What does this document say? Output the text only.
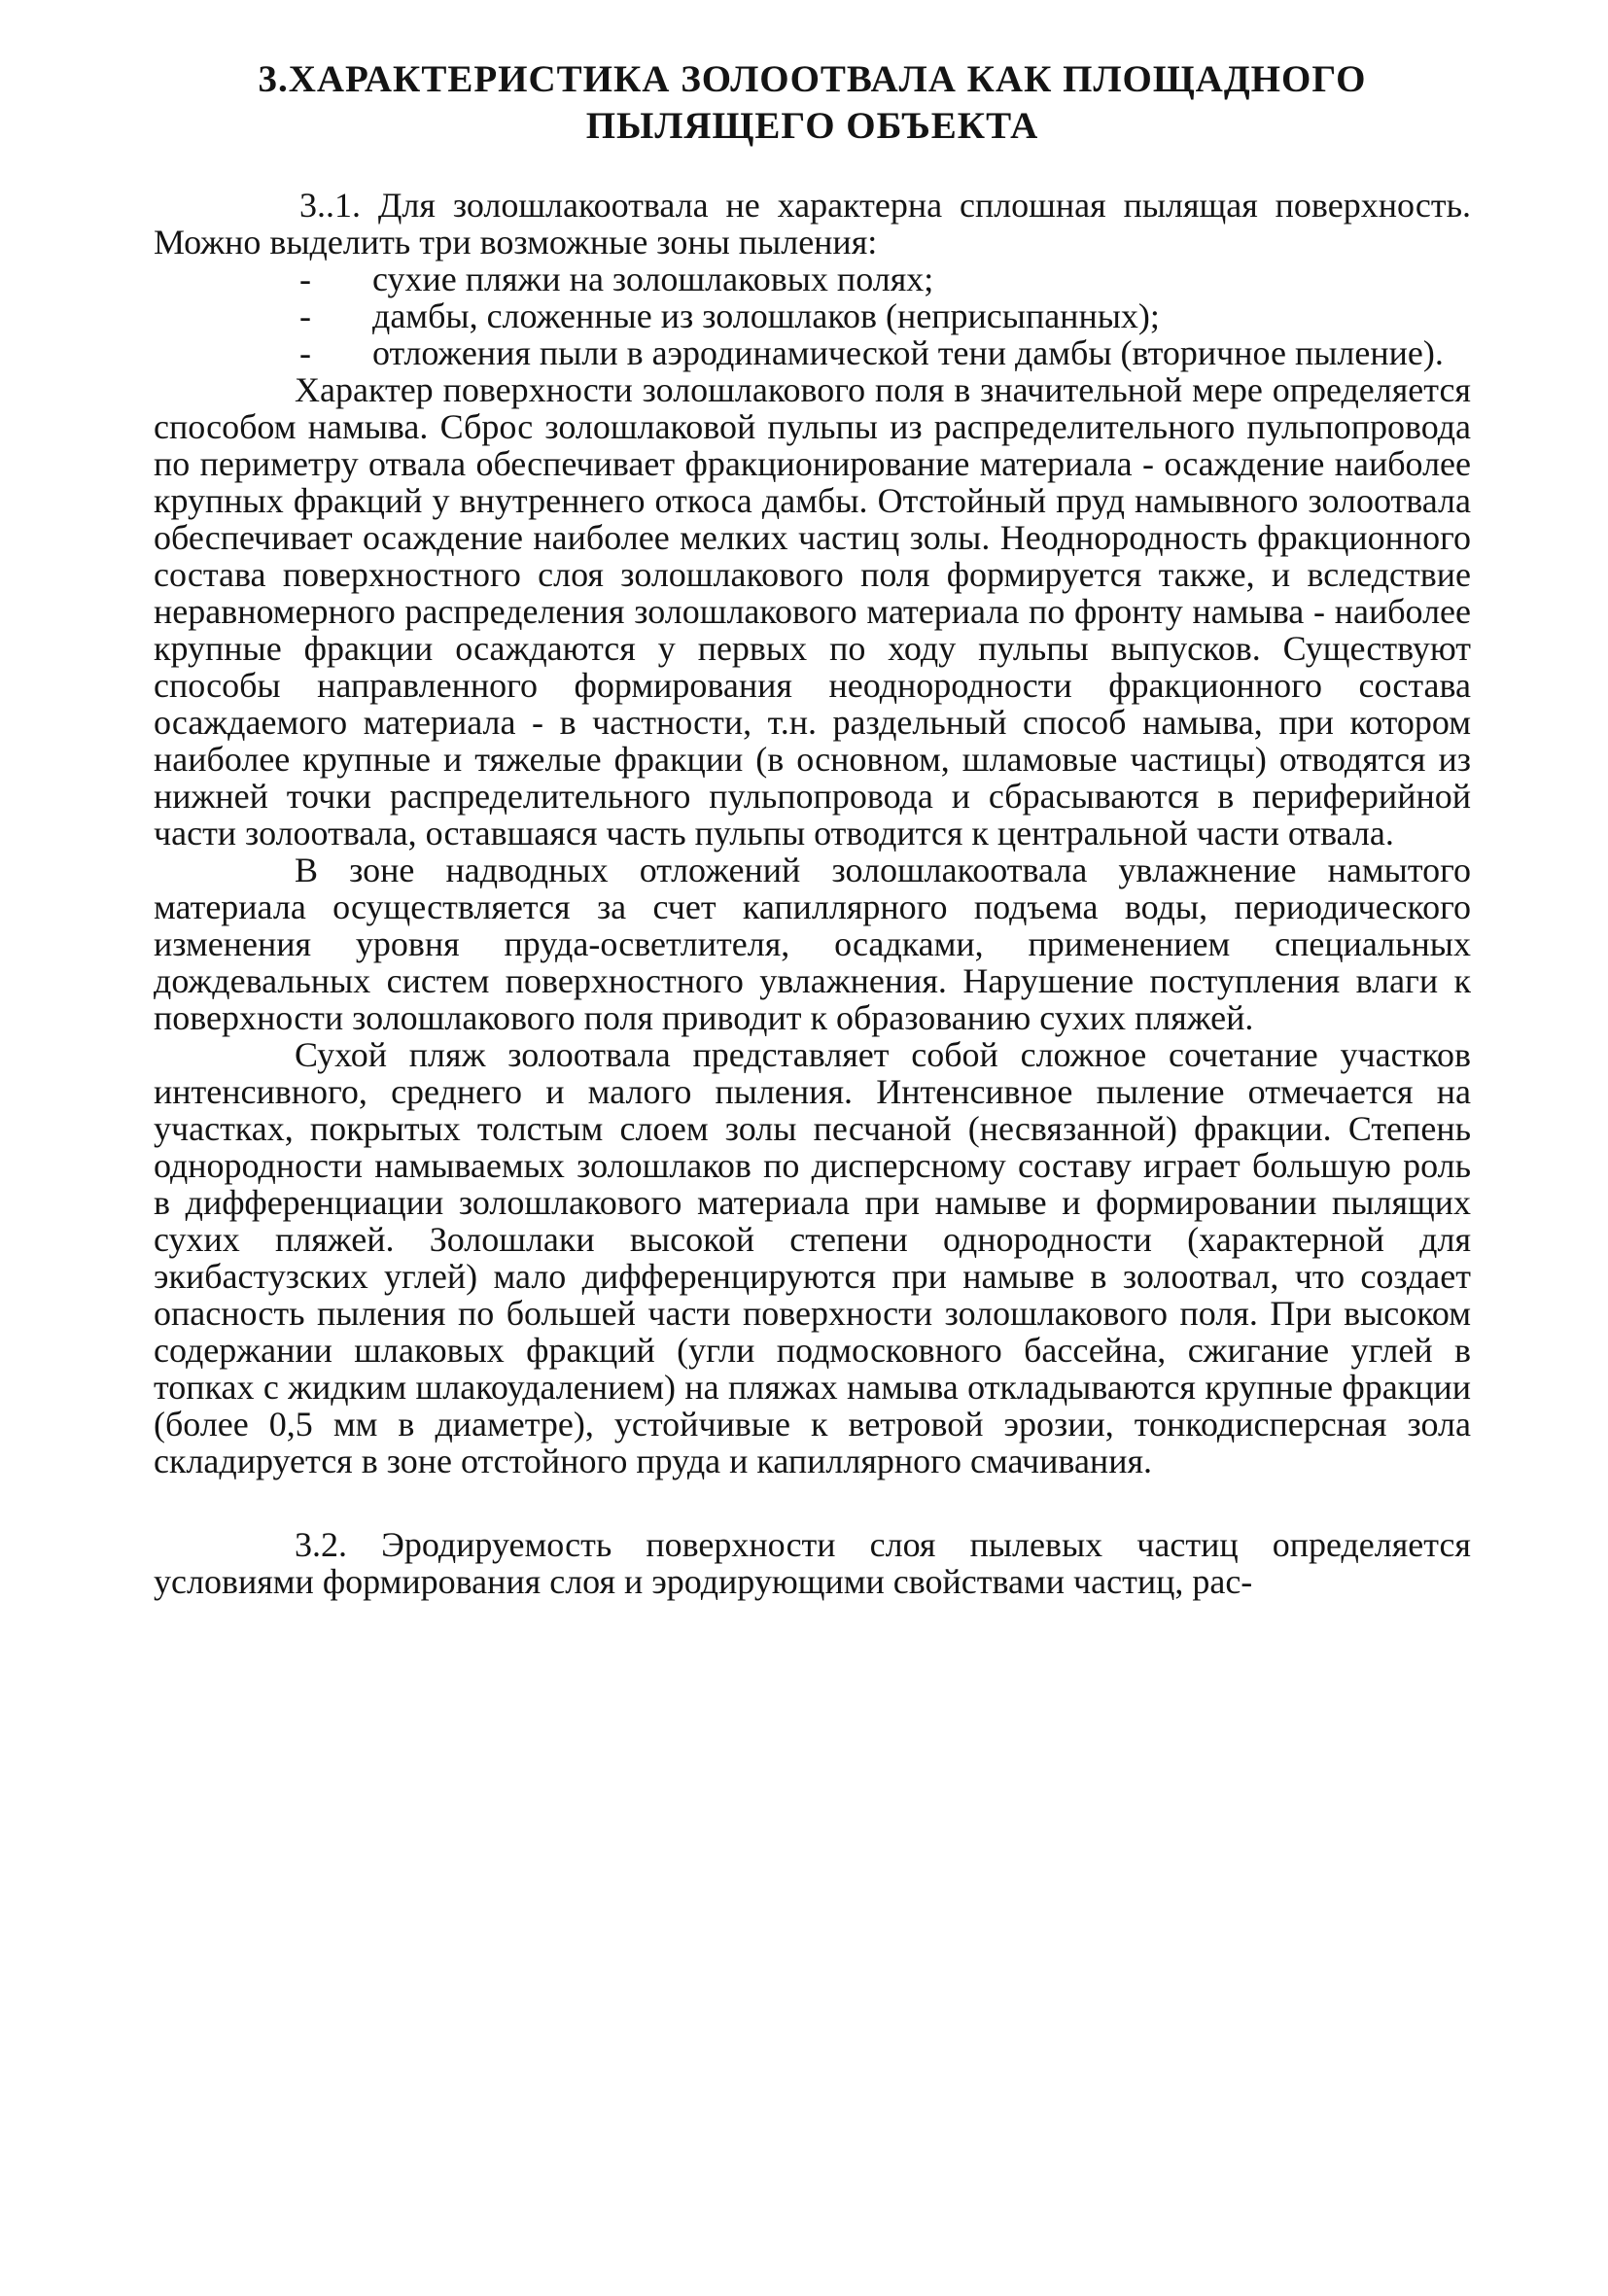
3.ХАРАКТЕРИСТИКА ЗОЛООТВАЛА КАК ПЛОЩАДНОГО
ПЫЛЯЩЕГО ОБЪЕКТА

3..1. Для золошлакоотвала не характерна сплошная пылящая поверхность. Можно выделить три возможные зоны пыления:

- сухие пляжи на золошлаковых полях;
- дамбы, сложенные из золошлаков (неприсыпанных);
- отложения пыли в аэродинамической тени дамбы (вторичное пыление).

Характер поверхности золошлакового поля в значительной мере определяется способом намыва. Сброс золошлаковой пульпы из распределительного пульпопровода по периметру отвала обеспечивает фракционирование материала - осаждение наиболее крупных фракций у внутреннего откоса дамбы. Отстойный пруд намывного золоотвала обеспечивает осаждение наиболее мелких частиц золы. Неоднородность фракционного состава поверхностного слоя золошлакового поля формируется также, и вследствие неравномерного распределения золошлакового материала по фронту намыва - наиболее крупные фракции осаждаются у первых по ходу пульпы выпусков. Существуют способы направленного формирования неоднородности фракционного состава осаждаемого материала - в частности, т.н. раздельный способ намыва, при котором наиболее крупные и тяжелые фракции (в основном, шламовые частицы) отводятся из нижней точки распределительного пульпопровода и сбрасываются в периферийной части золоотвала, оставшаяся часть пульпы отводится к центральной части отвала.

В зоне надводных отложений золошлакоотвала увлажнение намытого материала осуществляется за счет капиллярного подъема воды, периодического изменения уровня пруда-осветлителя, осадками, применением специальных дождевальных систем поверхностного увлажнения. Нарушение поступления влаги к поверхности золошлакового поля приводит к образованию сухих пляжей.

Сухой пляж золоотвала представляет собой сложное сочетание участков интенсивного, среднего и малого пыления. Интенсивное пыление отмечается на участках, покрытых толстым слоем золы песчаной (несвязанной) фракции. Степень однородности намываемых золошлаков по дисперсному составу играет большую роль в дифференциации золошлакового материала при намыве и формировании пылящих сухих пляжей. Золошлаки высокой степени однородности (характерной для экибастузских углей) мало дифференцируются при намыве в золоотвал, что создает опасность пыления по большей части поверхности золошлакового поля. При высоком содержании шлаковых фракций (угли подмосковного бассейна, сжигание углей в топках с жидким шлакоудалением) на пляжах намыва откладываются крупные фракции (более 0,5 мм в диаметре), устойчивые к ветровой эрозии, тонкодисперсная зола складируется в зоне отстойного пруда и капиллярного смачивания.

3.2. Эродируемость поверхности слоя пылевых частиц определяется условиями формирования слоя и эродирующими свойствами частиц, рас-
